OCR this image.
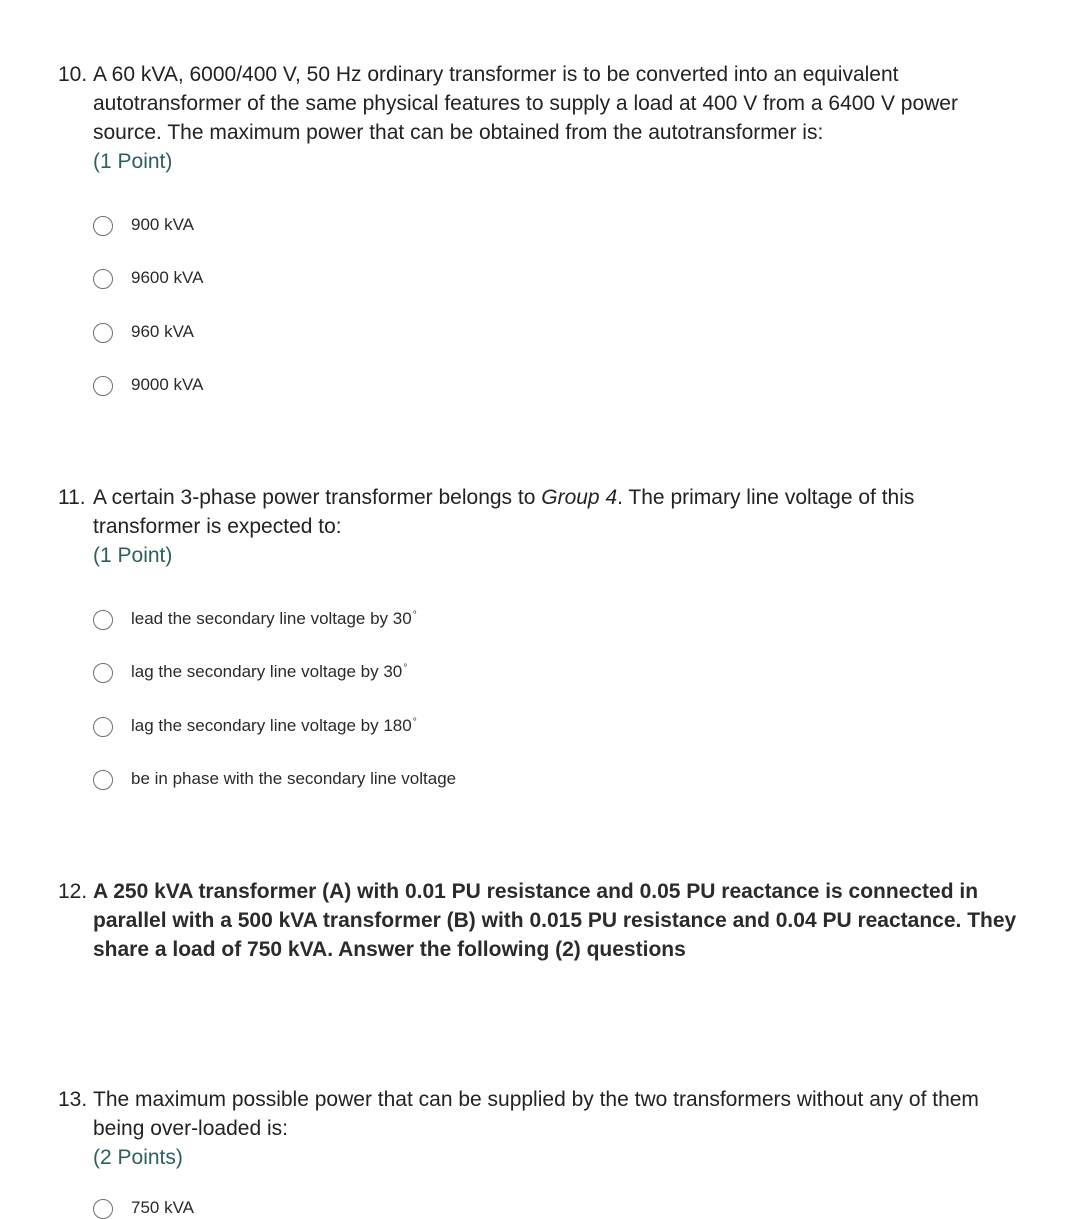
10. A 60 kVA, 6000/400 V, 50 Hz ordinary transformer is to be converted into an equivalent autotransformer of the same physical features to supply a load at 400 V from a 6400 V power source. The maximum power that can be obtained from the autotransformer is:
(1 Point)
900 kVA
9600 kVA
960 kVA
9000 kVA
11. A certain 3-phase power transformer belongs to Group 4. The primary line voltage of this transformer is expected to:
(1 Point)
lead the secondary line voltage by 30°
lag the secondary line voltage by 30°
lag the secondary line voltage by 180°
be in phase with the secondary line voltage
12. A 250 kVA transformer (A) with 0.01 PU resistance and 0.05 PU reactance is connected in parallel with a 500 kVA transformer (B) with 0.015 PU resistance and 0.04 PU reactance. They share a load of 750 kVA. Answer the following (2) questions
13. The maximum possible power that can be supplied by the two transformers without any of them being over-loaded is:
(2 Points)
750 kVA
